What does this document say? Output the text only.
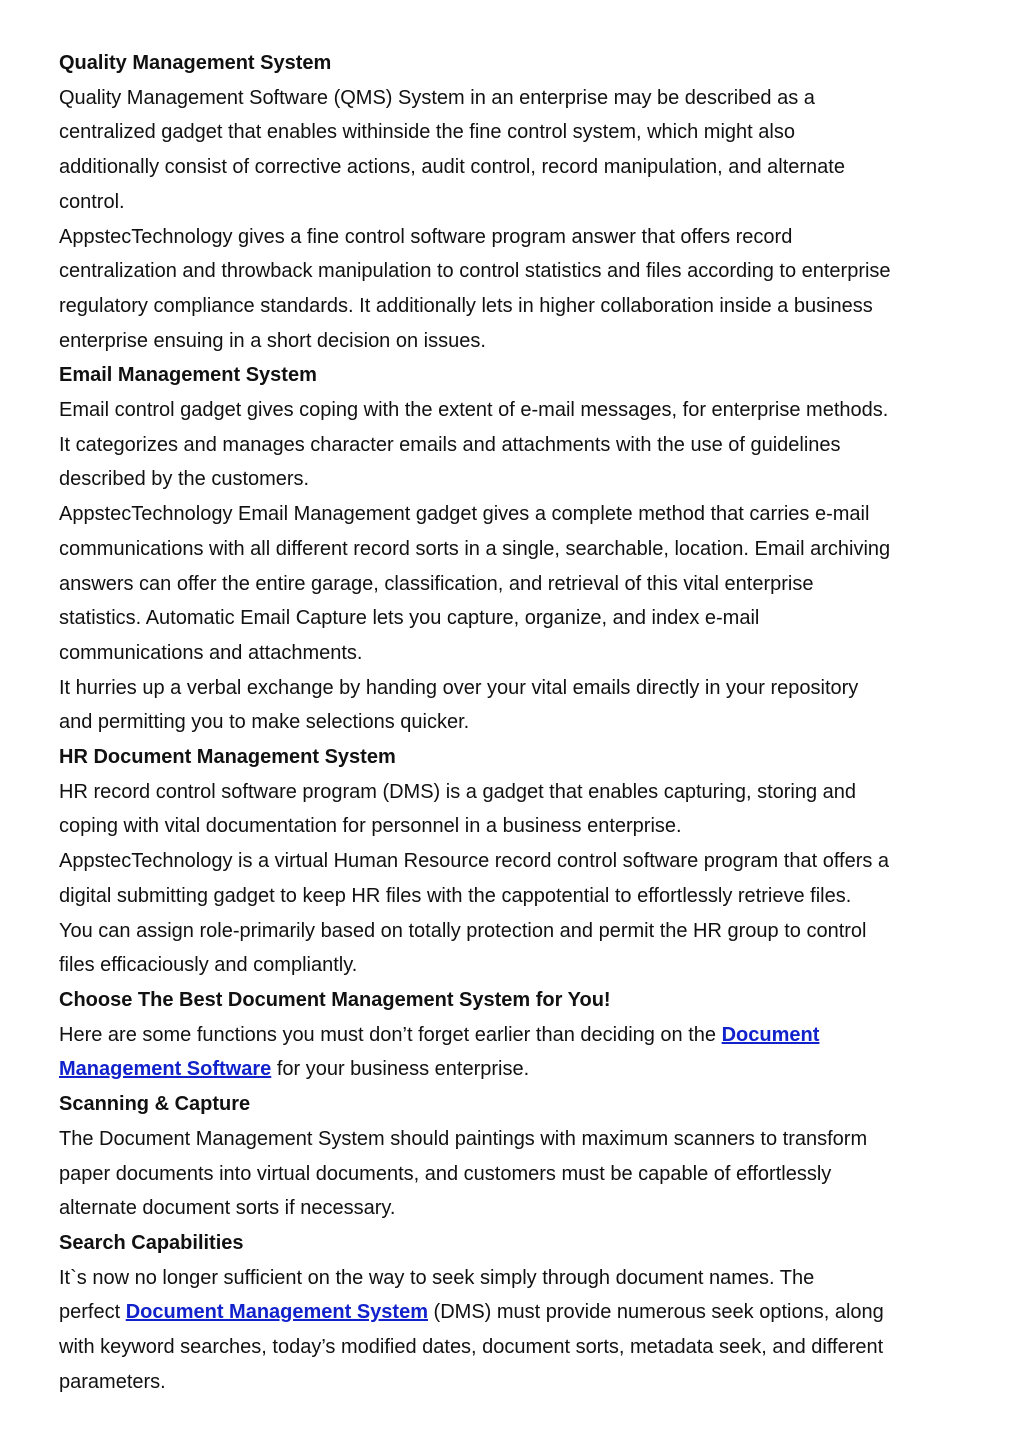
Quality Management System

Quality Management Software (QMS) System in an enterprise may be described as a

centralized gadget that enables withinside the fine control system, which might also

additionally consist of corrective actions, audit control, record manipulation, and alternate

control.

AppstecTechnology gives a fine control software program answer that offers record

centralization and throwback manipulation to control statistics and files according to enterprise

regulatory compliance standards. It additionally lets in higher collaboration inside a business

enterprise ensuing in a short decision on issues.

Email Management System

Email control gadget gives coping with the extent of e-mail messages, for enterprise methods.

It categorizes and manages character emails and attachments with the use of guidelines

described by the customers.

AppstecTechnology Email Management gadget gives a complete method that carries e-mail

communications with all different record sorts in a single, searchable, location. Email archiving

answers can offer the entire garage, classification, and retrieval of this vital enterprise

statistics. Automatic Email Capture lets you capture, organize, and index e-mail

communications and attachments.

It hurries up a verbal exchange by handing over your vital emails directly in your repository

and permitting you to make selections quicker.

HR Document Management System

HR record control software program (DMS) is a gadget that enables capturing, storing and

coping with vital documentation for personnel in a business enterprise.

AppstecTechnology is a virtual Human Resource record control software program that offers a

digital submitting gadget to keep HR files with the cappotential to effortlessly retrieve files.

You can assign role-primarily based on totally protection and permit the HR group to control

files efficaciously and compliantly.

Choose The Best Document Management System for You!

Here are some functions you must don’t forget earlier than deciding on the Document

Management Software for your business enterprise.

Scanning & Capture

The Document Management System should paintings with maximum scanners to transform

paper documents into virtual documents, and customers must be capable of effortlessly

alternate document sorts if necessary.

Search Capabilities

It`s now no longer sufficient on the way to seek simply through document names. The

perfect Document Management System (DMS) must provide numerous seek options, along

with keyword searches, today’s modified dates, document sorts, metadata seek, and different

parameters.
